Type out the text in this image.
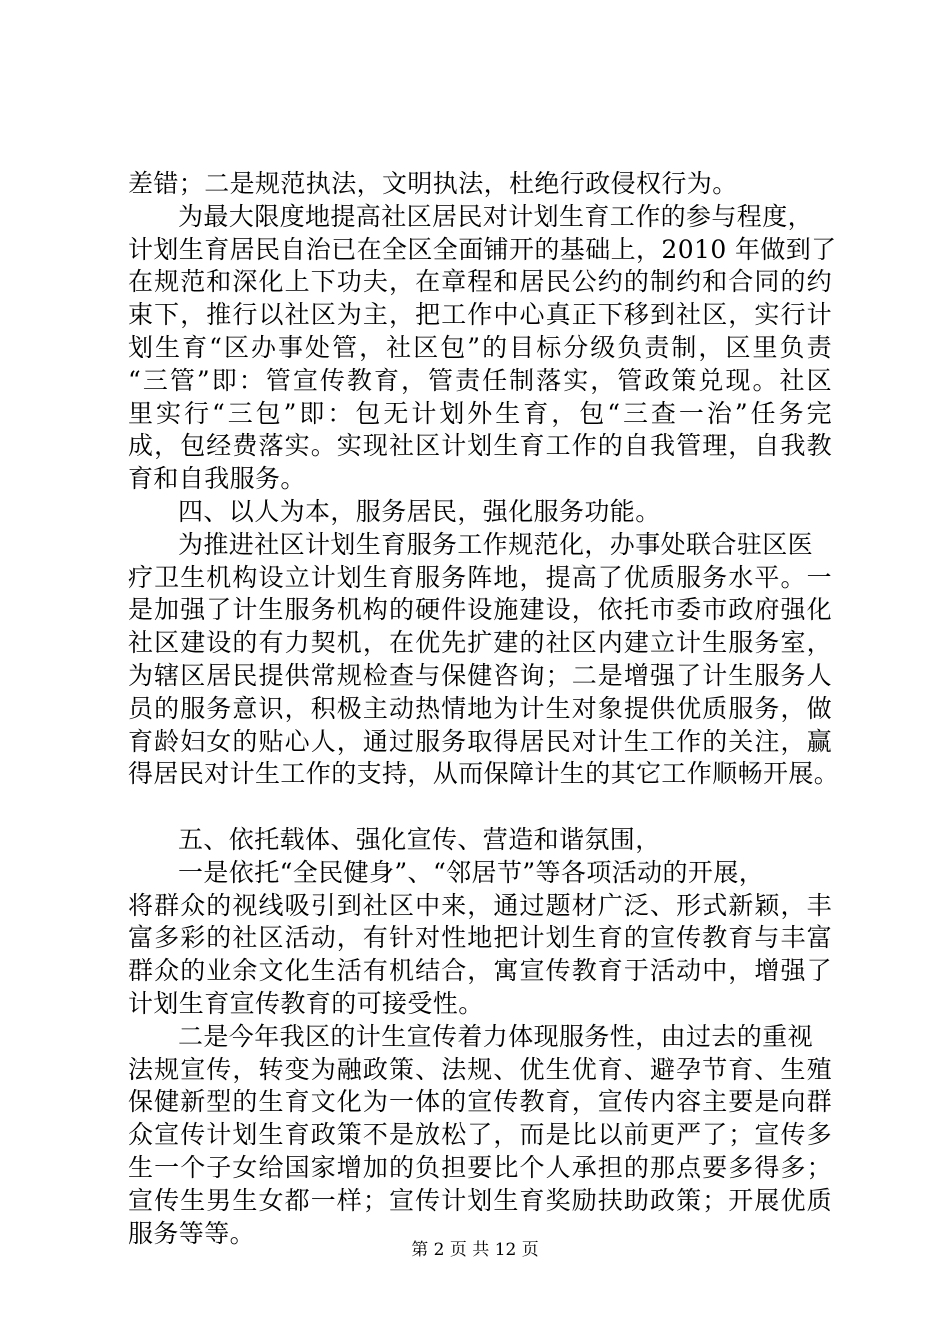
差错；二是规范执法，文明执法，杜绝行政侵权行为。
为最大限度地提高社区居民对计划生育工作的参与程度，
计划生育居民自治已在全区全面铺开的基础上，2010 年做到了
在规范和深化上下功夫，在章程和居民公约的制约和合同的约
束下，推行以社区为主，把工作中心真正下移到社区，实行计
划生育“区办事处管，社区包”的目标分级负责制，区里负责
“三管”即：管宣传教育，管责任制落实，管政策兑现。社区
里实行“三包”即：包无计划外生育，包“三查一治”任务完
成，包经费落实。实现社区计划生育工作的自我管理，自我教
育和自我服务。
四、以人为本，服务居民，强化服务功能。
为推进社区计划生育服务工作规范化，办事处联合驻区医
疗卫生机构设立计划生育服务阵地，提高了优质服务水平。一
是加强了计生服务机构的硬件设施建设，依托市委市政府强化
社区建设的有力契机，在优先扩建的社区内建立计生服务室，
为辖区居民提供常规检查与保健咨询；二是增强了计生服务人
员的服务意识，积极主动热情地为计生对象提供优质服务，做
育龄妇女的贴心人，通过服务取得居民对计生工作的关注，赢
得居民对计生工作的支持，从而保障计生的其它工作顺畅开展。
五、依托载体、强化宣传、营造和谐氛围，
一是依托“全民健身”、“邻居节”等各项活动的开展，
将群众的视线吸引到社区中来，通过题材广泛、形式新颖，丰
富多彩的社区活动，有针对性地把计划生育的宣传教育与丰富
群众的业余文化生活有机结合，寓宣传教育于活动中，增强了
计划生育宣传教育的可接受性。
二是今年我区的计生宣传着力体现服务性，由过去的重视
法规宣传，转变为融政策、法规、优生优育、避孕节育、生殖
保健新型的生育文化为一体的宣传教育，宣传内容主要是向群
众宣传计划生育政策不是放松了，而是比以前更严了；宣传多
生一个子女给国家增加的负担要比个人承担的那点要多得多；
宣传生男生女都一样；宣传计划生育奖励扶助政策；开展优质
服务等等。
第 2 页 共 12 页
